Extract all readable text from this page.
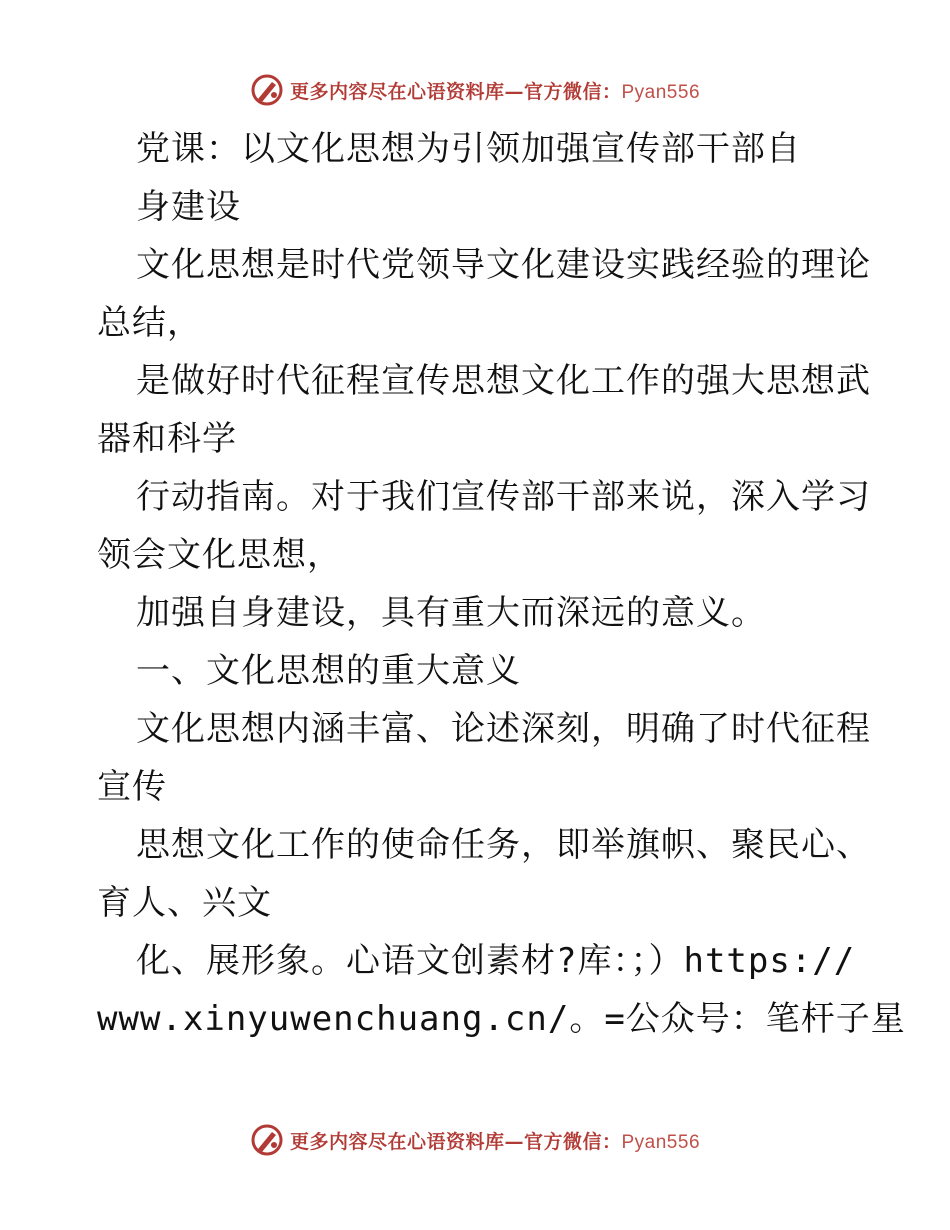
更多内容尽在心语资料库—官方微信：Pyan556
党课：以文化思想为引领加强宣传部干部自
身建设
文化思想是时代党领导文化建设实践经验的理论
总结，
是做好时代征程宣传思想文化工作的强大思想武
器和科学
行动指南。对于我们宣传部干部来说，深入学习
领会文化思想，
加强自身建设，具有重大而深远的意义。
一、文化思想的重大意义
文化思想内涵丰富、论述深刻，明确了时代征程
宣传
思想文化工作的使命任务，即举旗帜、聚民心、
育人、兴文
化、展形象。心语文创素材?库：；）https://
www.xinyuwenchuang.cn/。=公众号：笔杆子星
更多内容尽在心语资料库—官方微信：Pyan556
